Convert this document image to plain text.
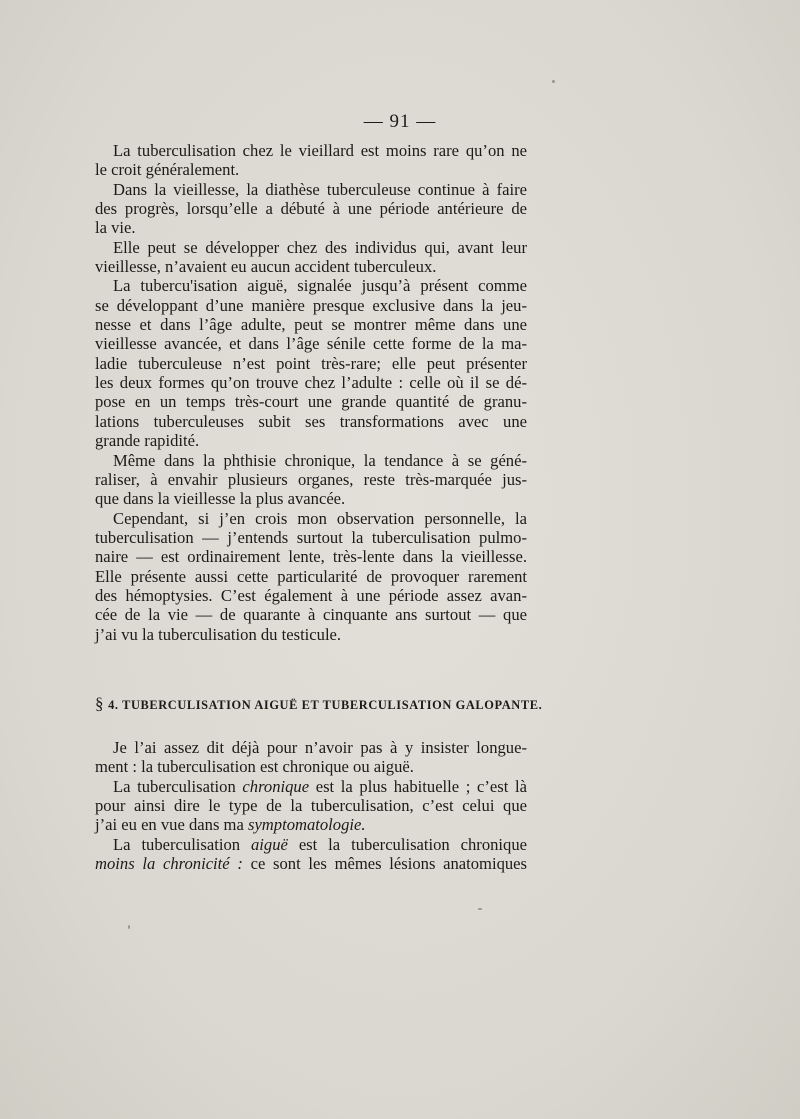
— 91 —
La tuberculisation chez le vieillard est moins rare qu’on ne
le croit généralement.
Dans la vieillesse, la diathèse tuberculeuse continue à faire
des progrès, lorsqu’elle a débuté à une période antérieure de
la vie.
Elle peut se développer chez des individus qui, avant leur
vieillesse, n’avaient eu aucun accident tuberculeux.
La tubercu'isation aiguë, signalée jusqu’à présent comme
se développant d’une manière presque exclusive dans la jeu-
nesse et dans l’âge adulte, peut se montrer même dans une
vieillesse avancée, et dans l’âge sénile cette forme de la ma-
ladie tuberculeuse n’est point très-rare; elle peut présenter
les deux formes qu’on trouve chez l’adulte : celle où il se dé-
pose en un temps très-court une grande quantité de granu-
lations tuberculeuses subit ses transformations avec une
grande rapidité.
Même dans la phthisie chronique, la tendance à se géné-
raliser, à envahir plusieurs organes, reste très-marquée jus-
que dans la vieillesse la plus avancée.
Cependant, si j’en crois mon observation personnelle, la
tuberculisation — j’entends surtout la tuberculisation pulmo-
naire — est ordinairement lente, très-lente dans la vieillesse.
Elle présente aussi cette particularité de provoquer rarement
des hémoptysies. C’est également à une période assez avan-
cée de la vie — de quarante à cinquante ans surtout — que
j’ai vu la tuberculisation du testicule.
§ 4. TUBERCULISATION AIGUË ET TUBERCULISATION GALOPANTE.
Je l’ai assez dit déjà pour n’avoir pas à y insister longue-
ment : la tuberculisation est chronique ou aiguë.
La tuberculisation chronique est la plus habituelle ; c’est là
pour ainsi dire le type de la tuberculisation, c’est celui que
j’ai eu en vue dans ma symptomatologie.
La tuberculisation aiguë est la tuberculisation chronique
moins la chronicité : ce sont les mêmes lésions anatomiques
